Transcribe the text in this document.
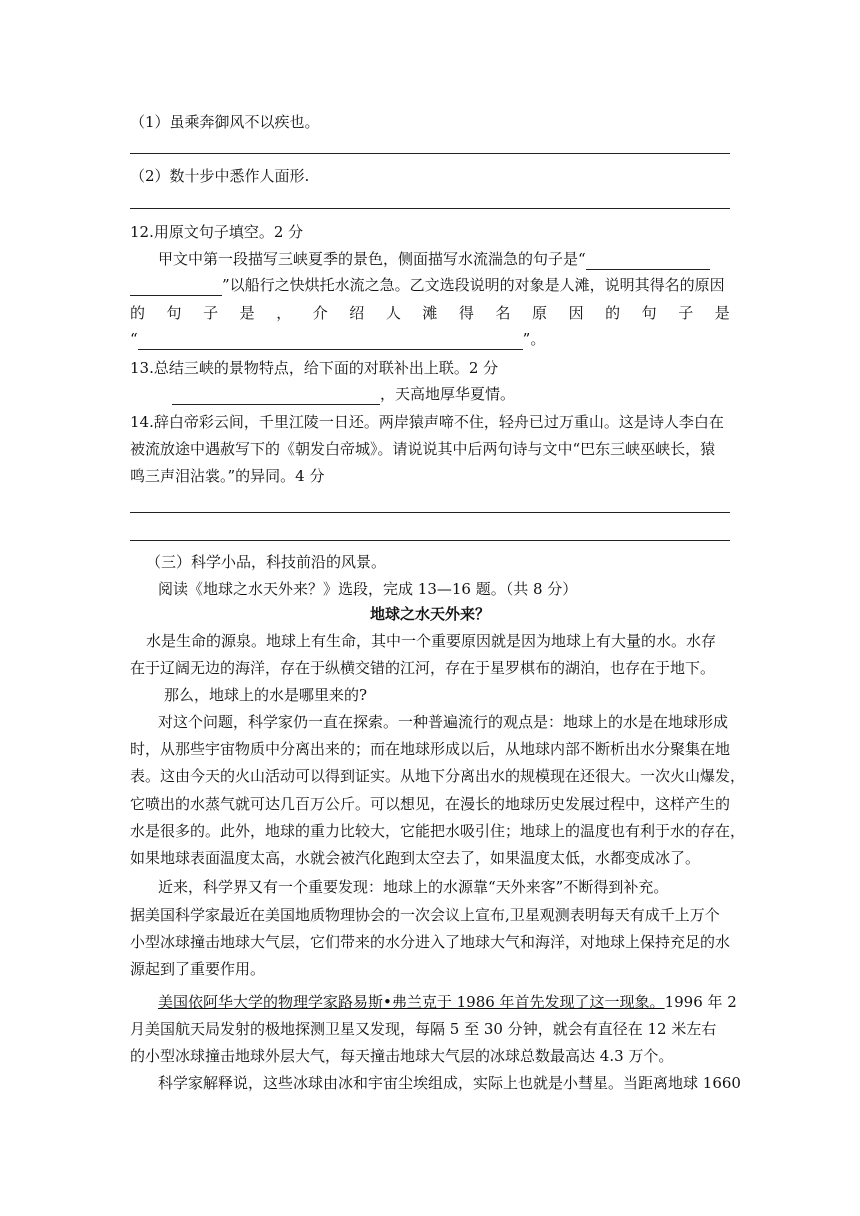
（1）虽乘奔御风不以疾也。
（2）数十步中悉作人面形.
12.用原文句子填空。2 分
甲文中第一段描写三峡夏季的景色，侧面描写水流湍急的句子是“
”以船行之快烘托水流之急。乙文选段说明的对象是人滩，说明其得名的原因
的 句 子 是 ， 介 绍 人 滩 得 名 原 因 的 句 子 是
“	”。
13.总结三峡的景物特点，给下面的对联补出上联。2 分
，天高地厚华夏情。
14.辞白帝彩云间，千里江陵一日还。两岸猿声啼不住，轻舟已过万重山。这是诗人李白在
被流放途中遇赦写下的《朝发白帝城》。请说说其中后两句诗与文中“巴东三峡巫峡长，猿
鸣三声泪沾裳。”的异同。4 分
（三）科学小品，科技前沿的风景。
阅读《地球之水天外来？》选段，完成 13—16 题。（共 8 分）
地球之水天外来？
水是生命的源泉。地球上有生命，其中一个重要原因就是因为地球上有大量的水。水存
在于辽阔无边的海洋，存在于纵横交错的江河，存在于星罗棋布的湖泊，也存在于地下。
那么，地球上的水是哪里来的?
对这个问题，科学家仍一直在探索。一种普遍流行的观点是：地球上的水是在地球形成
时，从那些宇宙物质中分离出来的；而在地球形成以后，从地球内部不断析出水分聚集在地
表。这由今天的火山活动可以得到证实。从地下分离出水的规模现在还很大。一次火山爆发，
它喷出的水蒸气就可达几百万公斤。可以想见，在漫长的地球历史发展过程中，这样产生的
水是很多的。此外，地球的重力比较大，它能把水吸引住；地球上的温度也有利于水的存在，
如果地球表面温度太高，水就会被汽化跑到太空去了，如果温度太低，水都变成冰了。
近来，科学界又有一个重要发现：地球上的水源靠“天外来客”不断得到补充。
据美国科学家最近在美国地质物理协会的一次会议上宣布,卫星观测表明每天有成千上万个
小型冰球撞击地球大气层，它们带来的水分进入了地球大气和海洋，对地球上保持充足的水
源起到了重要作用。
美国依阿华大学的物理学家路易斯•弗兰克于 1986 年首先发现了这一现象。1996 年 2
月美国航天局发射的极地探测卫星又发现，每隔 5 至 30 分钟，就会有直径在 12 米左右
的小型冰球撞击地球外层大气，每天撞击地球大气层的冰球总数最高达 4.3 万个。
科学家解释说，这些冰球由冰和宇宙尘埃组成，实际上也就是小彗星。当距离地球 1660
